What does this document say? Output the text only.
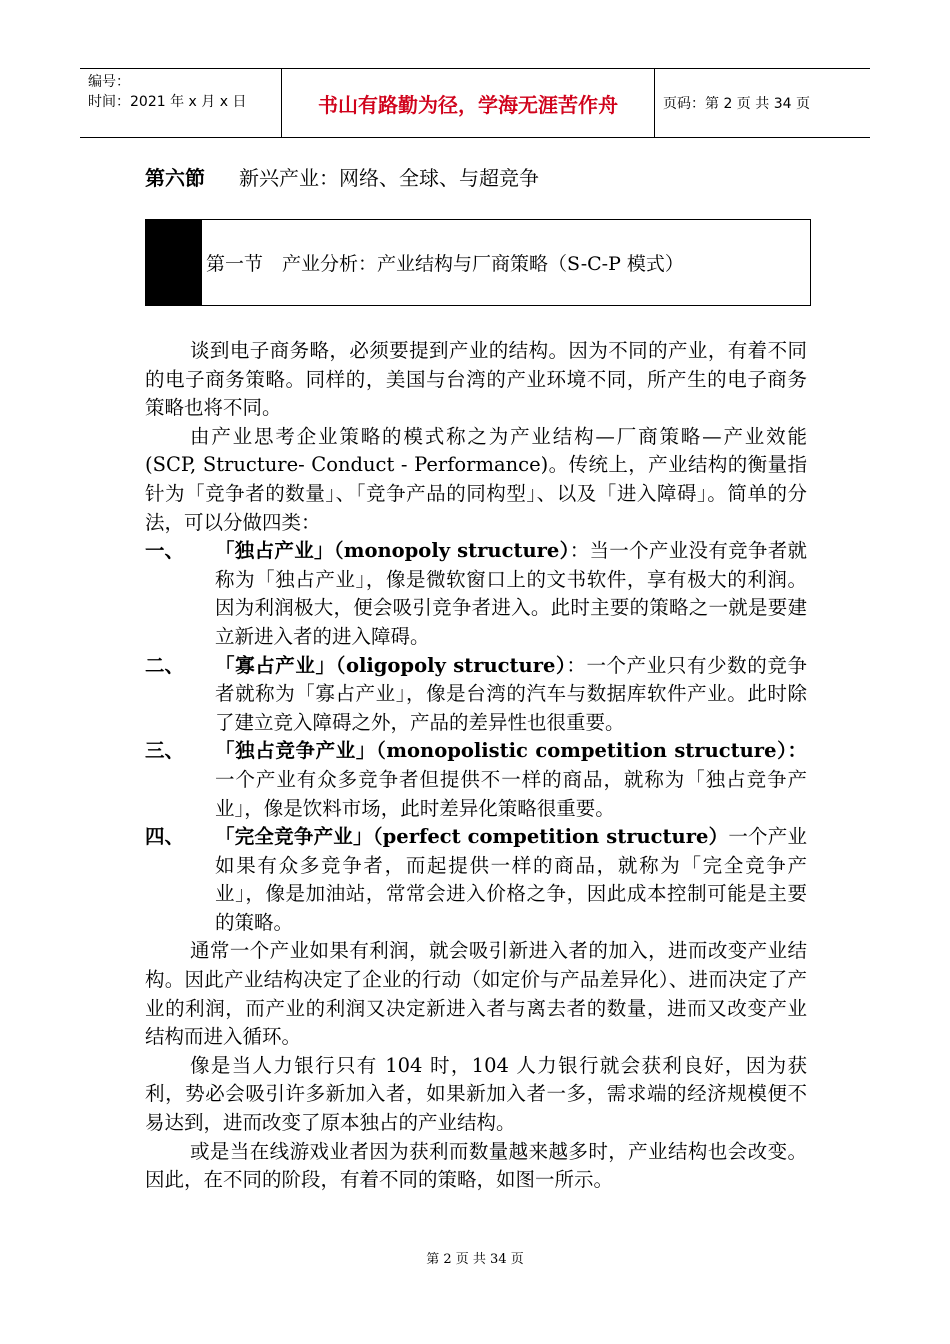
编号：
时间：2021 年 x 月 x 日	书山有路勤为径，学海无涯苦作舟	页码：第 2 页 共 34 页
第六節 新兴产业：网络、全球、与超竞争
第一节　产业分析：产业结构与厂商策略（S-C-P 模式）

谈到电子商务略，必须要提到产业的结构。因为不同的产业，有着不同的电子商务策略。同样的，美国与台湾的产业环境不同，所产生的电子商务策略也将不同。

由产业思考企业策略的模式称之为产业结构—厂商策略—产业效能 (SCP, Structure- Conduct - Performance)。传统上，产业结构的衡量指针为「竞争者的数量」、「竞争产品的同构型」、以及「进入障碍」。简单的分法，可以分做四类：

一、	「独占产业」（monopoly structure）：当一个产业没有竞争者就称为「独占产业」，像是微软窗口上的文书软件，享有极大的利润。因为利润极大，便会吸引竞争者进入。此时主要的策略之一就是要建立新进入者的进入障碍。

二、	「寡占产业」（oligopoly structure）：一个产业只有少数的竞争者就称为「寡占产业」，像是台湾的汽车与数据库软件产业。此时除了建立竞入障碍之外，产品的差异性也很重要。

三、	「独占竞争产业」（monopolistic competition structure）：一个产业有众多竞争者但提供不一样的商品，就称为「独占竞争产业」，像是饮料市场，此时差异化策略很重要。

四、	「完全竞争产业」（perfect competition structure）一个产业如果有众多竞争者，而起提供一样的商品，就称为「完全竞争产业」，像是加油站，常常会进入价格之争，因此成本控制可能是主要的策略。

通常一个产业如果有利润，就会吸引新进入者的加入，进而改变产业结构。因此产业结构决定了企业的行动（如定价与产品差异化）、进而决定了产业的利润，而产业的利润又决定新进入者与离去者的数量，进而又改变产业结构而进入循环。

像是当人力银行只有 104 时，104 人力银行就会获利良好，因为获利，势必会吸引许多新加入者，如果新加入者一多，需求端的经济规模便不易达到，进而改变了原本独占的产业结构。

或是当在线游戏业者因为获利而数量越来越多时，产业结构也会改变。因此，在不同的阶段，有着不同的策略，如图一所示。

第 2 页 共 34 页
